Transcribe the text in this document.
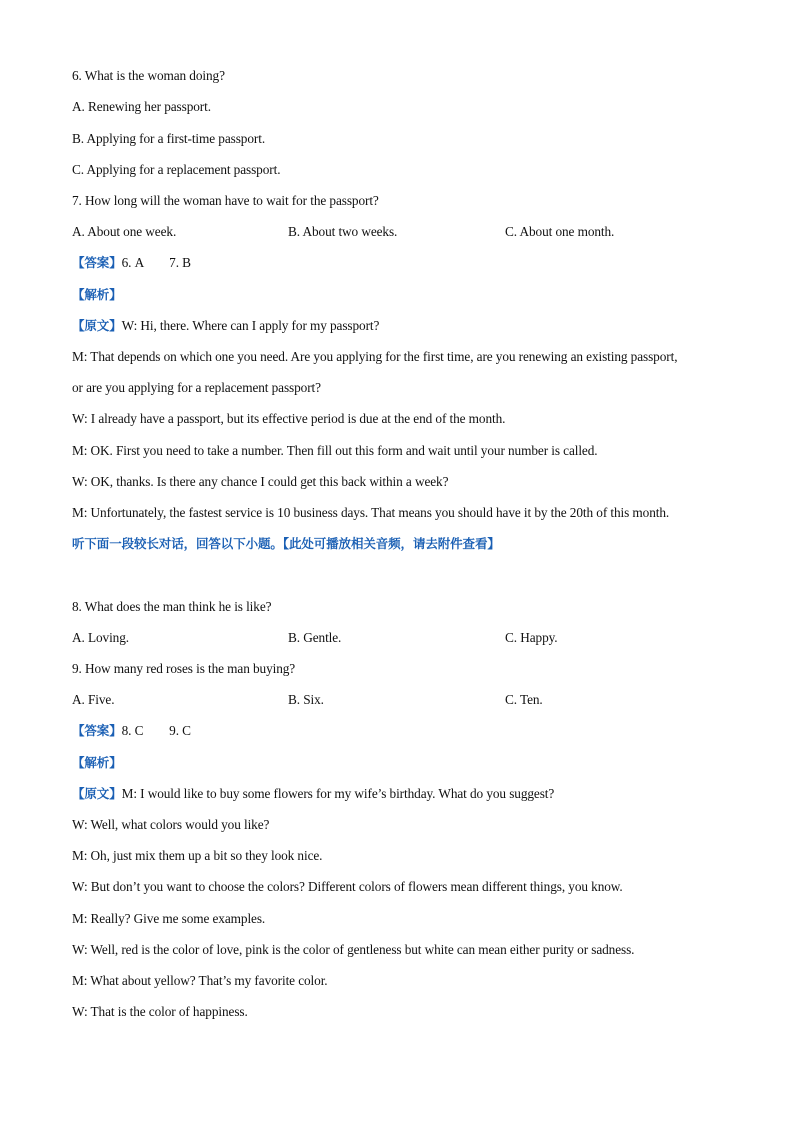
6. What is the woman doing?
A. Renewing her passport.
B. Applying for a first-time passport.
C. Applying for a replacement passport.
7. How long will the woman have to wait for the passport?
A. About one week.	B. About two weeks.	C. About one month.
【答案】6. A        7. B
【解析】
【原文】W: Hi, there. Where can I apply for my passport?
M: That depends on which one you need. Are you applying for the first time, are you renewing an existing passport,
or are you applying for a replacement passport?
W: I already have a passport, but its effective period is due at the end of the month.
M: OK. First you need to take a number. Then fill out this form and wait until your number is called.
W: OK, thanks. Is there any chance I could get this back within a week?
M: Unfortunately, the fastest service is 10 business days. That means you should have it by the 20th of this month.
听下面一段较长对话，回答以下小题。【此处可播放相关音频，请去附件查看】
8. What does the man think he is like?
A. Loving.	B. Gentle.	C. Happy.
9. How many red roses is the man buying?
A. Five.	B. Six.	C. Ten.
【答案】8. C        9. C
【解析】
【原文】M: I would like to buy some flowers for my wife’s birthday. What do you suggest?
W: Well, what colors would you like?
M: Oh, just mix them up a bit so they look nice.
W: But don’t you want to choose the colors? Different colors of flowers mean different things, you know.
M: Really? Give me some examples.
W: Well, red is the color of love, pink is the color of gentleness but white can mean either purity or sadness.
M: What about yellow? That’s my favorite color.
W: That is the color of happiness.
